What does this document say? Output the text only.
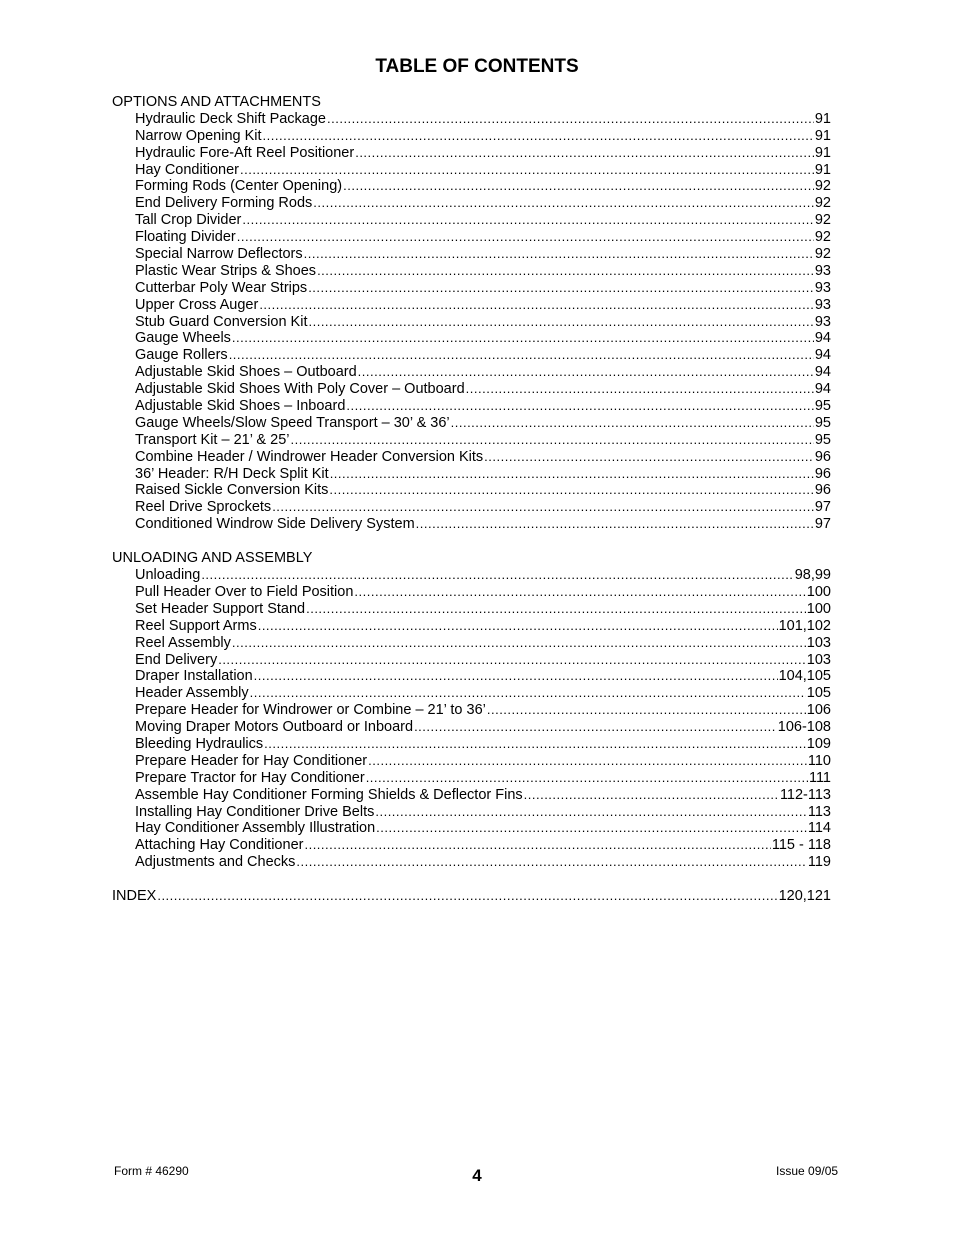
TABLE OF CONTENTS
OPTIONS AND ATTACHMENTS
Hydraulic Deck Shift Package .....	91
Narrow Opening Kit .....	91
Hydraulic Fore-Aft Reel Positioner .....	91
Hay Conditioner .....	91
Forming Rods (Center Opening) .....	92
End Delivery Forming Rods .....	92
Tall Crop Divider .....	92
Floating Divider .....	92
Special Narrow Deflectors .....	92
Plastic Wear Strips & Shoes .....	93
Cutterbar Poly Wear Strips .....	93
Upper Cross Auger .....	93
Stub Guard Conversion Kit .....	93
Gauge Wheels .....	94
Gauge Rollers .....	94
Adjustable Skid Shoes – Outboard .....	94
Adjustable Skid Shoes With Poly Cover – Outboard .....	94
Adjustable Skid Shoes – Inboard .....	95
Gauge Wheels/Slow Speed Transport – 30’ & 36’ .....	95
Transport Kit – 21’ & 25’ .....	95
Combine Header / Windrower Header Conversion Kits .....	96
36’ Header: R/H Deck Split Kit .....	96
Raised Sickle Conversion Kits .....	96
Reel Drive Sprockets .....	97
Conditioned Windrow Side Delivery System .....	97
UNLOADING AND ASSEMBLY
Unloading .....	98,99
Pull Header Over to Field Position .....	100
Set Header Support Stand .....	100
Reel Support Arms .....	101,102
Reel Assembly .....	103
End Delivery .....	103
Draper Installation .....	104,105
Header Assembly .....	105
Prepare Header for Windrower or Combine – 21’ to 36’ .....	106
Moving Draper Motors Outboard or Inboard .....	106-108
Bleeding Hydraulics .....	109
Prepare Header for Hay Conditioner .....	110
Prepare Tractor for Hay Conditioner .....	111
Assemble Hay Conditioner Forming Shields & Deflector Fins .....	112-113
Installing Hay Conditioner Drive Belts .....	113
Hay Conditioner Assembly Illustration .....	114
Attaching Hay Conditioner .....	115 - 118
Adjustments and Checks .....	119
INDEX .....	120,121
Form # 46290	4	Issue 09/05
